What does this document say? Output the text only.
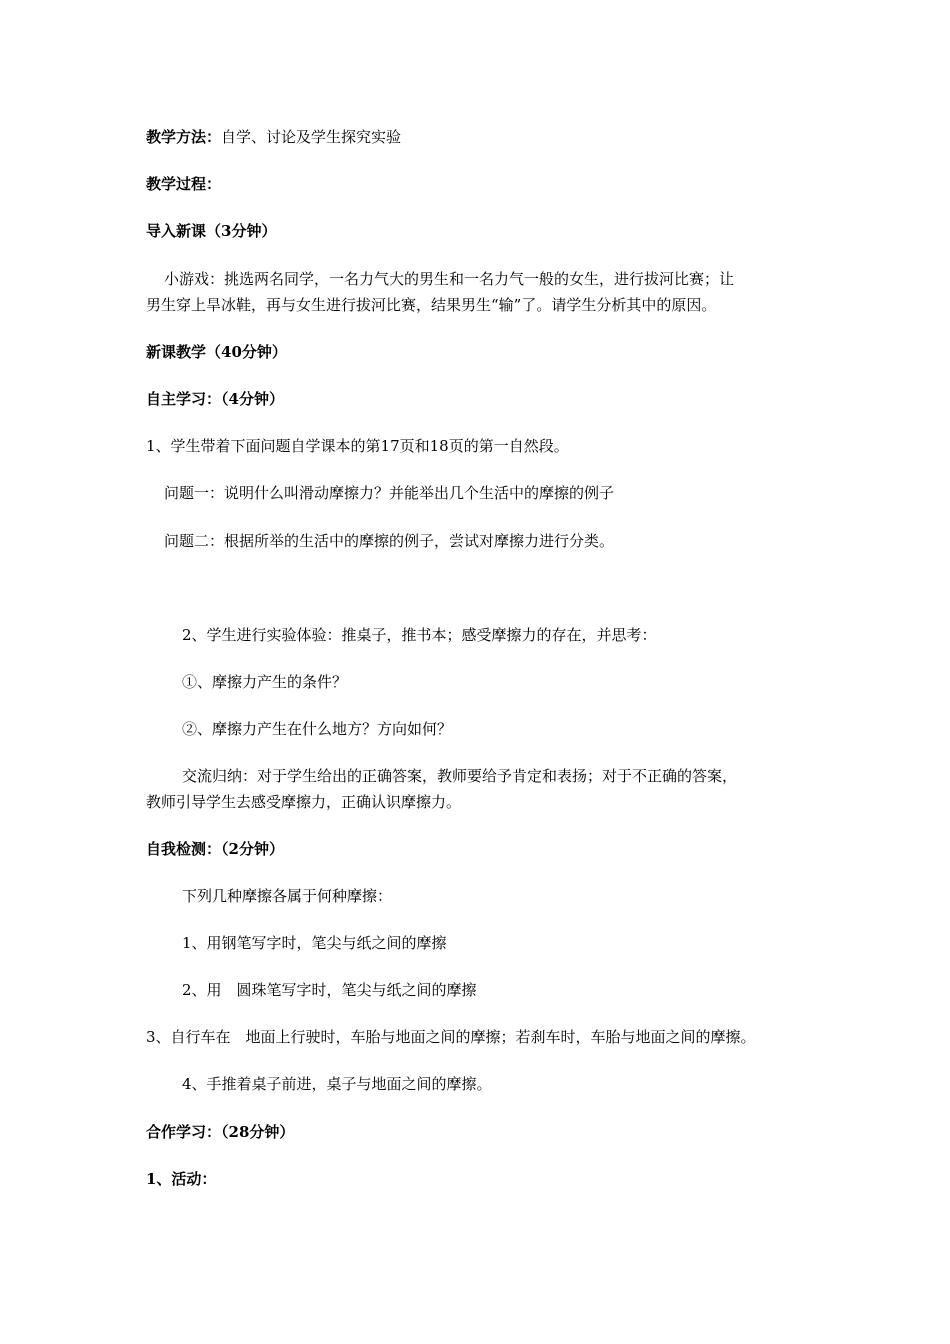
教学方法：自学、讨论及学生探究实验
教学过程：
导入新课（3分钟）
小游戏：挑选两名同学，一名力气大的男生和一名力气一般的女生，进行拔河比赛；让
男生穿上旱冰鞋，再与女生进行拔河比赛，结果男生“输”了。请学生分析其中的原因。
新课教学（40分钟）
自主学习：（4分钟）
1、学生带着下面问题自学课本的第17页和18页的第一自然段。
问题一：说明什么叫滑动摩擦力？并能举出几个生活中的摩擦的例子
问题二：根据所举的生活中的摩擦的例子，尝试对摩擦力进行分类。
2、学生进行实验体验：推桌子，推书本；感受摩擦力的存在，并思考：
①、摩擦力产生的条件？
②、摩擦力产生在什么地方？方向如何？
交流归纳：对于学生给出的正确答案，教师要给予肯定和表扬；对于不正确的答案，
教师引导学生去感受摩擦力，正确认识摩擦力。
自我检测：（2分钟）
下列几种摩擦各属于何种摩擦：
1、用钢笔写字时，笔尖与纸之间的摩擦
2、用　圆珠笔写字时，笔尖与纸之间的摩擦
3、自行车在　地面上行驶时，车胎与地面之间的摩擦；若刹车时，车胎与地面之间的摩擦。
4、手推着桌子前进，桌子与地面之间的摩擦。
合作学习：（28分钟）
1、活动：
